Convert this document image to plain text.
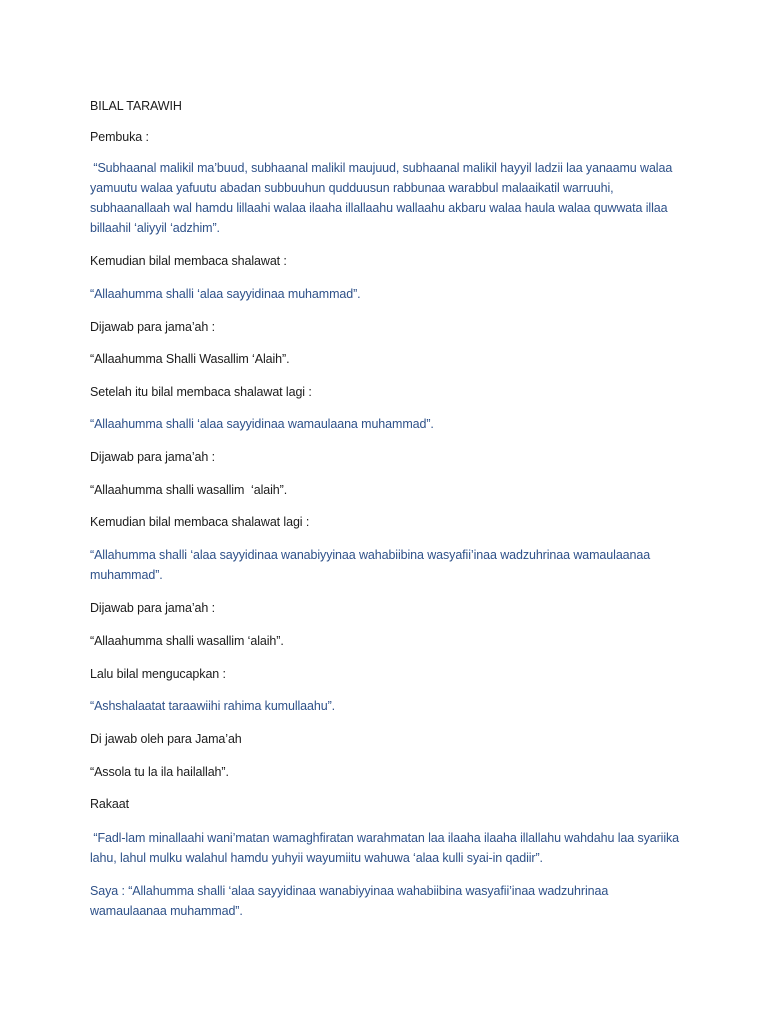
BILAL TARAWIH

Pembuka :

“Subhaanal malikil ma’buud, subhaanal malikil maujuud, subhaanal malikil hayyil ladzii laa yanaamu walaa yamuutu walaa yafuutu abadan subbuuhun qudduusun rabbunaa warabbul malaaikatil warruuhi,  subhaanallaah wal hamdu lillaahi walaa ilaaha illallaahu wallaahu akbaru walaa haula walaa quwwata illaa billaahil ‘aliyyil ‘adzhim”.

Kemudian bilal membaca shalawat :

“Allaahumma shalli ‘alaa sayyidinaa muhammad”.

Dijawab para jama’ah :

“Allaahumma Shalli Wasallim ‘Alaih”.

Setelah itu bilal membaca shalawat lagi :

“Allaahumma shalli ‘alaa sayyidinaa wamaulaana muhammad”.

Dijawab para jama’ah :

“Allaahumma shalli wasallim  ‘alaih”.

Kemudian bilal membaca shalawat lagi :

“Allahumma shalli ‘alaa sayyidinaa wanabiyyinaa wahabiibina wasyafii’inaa wadzuhrinaa wamaulaanaa muhammad”.

Dijawab para jama’ah :

“Allaahumma shalli wasallim ‘alaih”.

Lalu bilal mengucapkan :

“Ashshalaatat taraawiihi rahima kumullaahu”.

Di jawab oleh para Jama’ah

“Assola tu la ila hailallah”.

Rakaat

“Fadl-lam minallaahi wani’matan wamaghfiratan warahmatan laa ilaaha ilaaha illallahu wahdahu laa syariika lahu, lahul mulku walahul hamdu yuhyii wayumiitu wahuwa ‘alaa kulli syai-in qadiir”.

Saya : “Allahumma shalli ‘alaa sayyidinaa wanabiyyinaa wahabiibina wasyafii’inaa wadzuhrinaa wamaulaanaa muhammad”.
